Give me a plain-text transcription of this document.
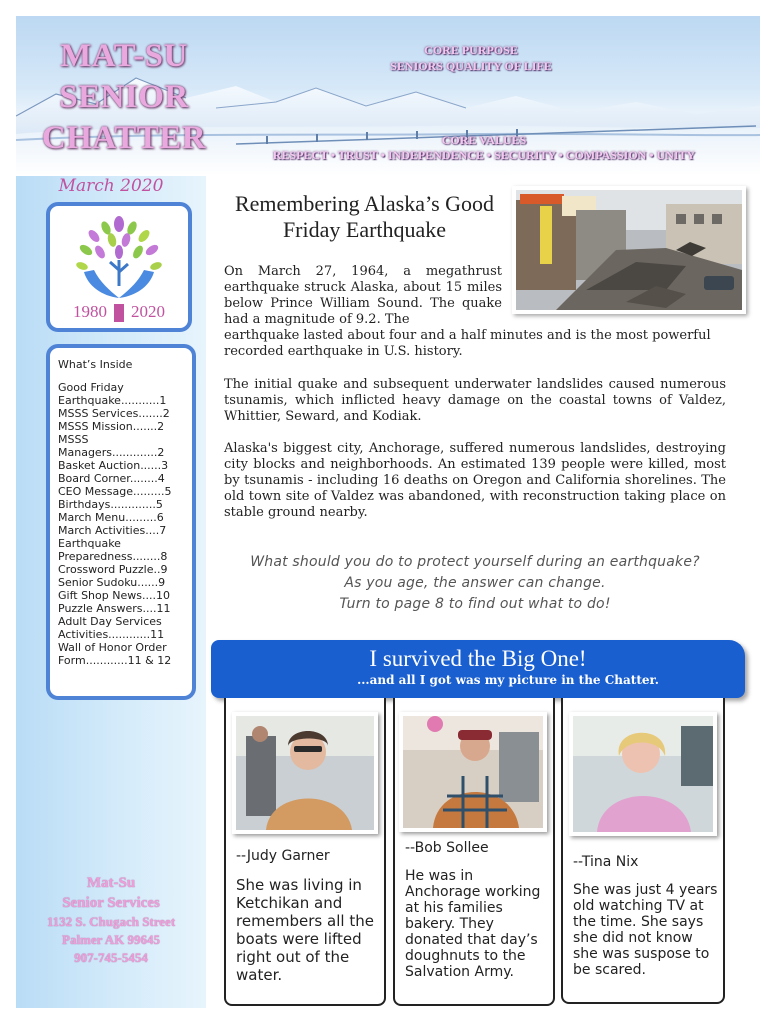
MAT-SU
SENIOR
CHATTER
CORE PURPOSE
SENIORS QUALITY OF LIFE
CORE VALUES
RESPECT • TRUST • INDEPENDENCE • SECURITY • COMPASSION • UNITY
March 2020
1980 2020
What’s Inside
Good Friday Earthquake...........1
MSSS Services.......2
MSSS Mission.......2
MSSS Managers.............2
Basket Auction......3
Board Corner........4
CEO Message.........5
Birthdays.............5
March Menu.........6
March Activities....7
Earthquake Preparedness........8
Crossword Puzzle..9
Senior Sudoku......9
Gift Shop News....10
Puzzle Answers....11
Adult Day Services Activities............11
Wall of Honor Order Form............11 & 12
Mat-Su
Senior Services
1132 S. Chugach Street
Palmer AK 99645
907-745-5454
Remembering Alaska’s Good Friday Earthquake

On March 27, 1964, a megathrust earthquake struck Alaska, about 15 miles below Prince William Sound. The quake had a magnitude of 9.2. The

earthquake lasted about four and a half minutes and is the most powerful recorded earthquake in U.S. history.

The initial quake and subsequent underwater landslides caused numerous tsunamis, which inflicted heavy damage on the coastal towns of Valdez, Whittier, Seward, and Kodiak.

Alaska's biggest city, Anchorage, suffered numerous landslides, destroying city blocks and neighborhoods. An estimated 139 people were killed, most by tsunamis - including 16 deaths on Oregon and California shorelines. The old town site of Valdez was abandoned, with reconstruction taking place on stable ground nearby.

What should you do to protect yourself during an earthquake?
As you age, the answer can change.
Turn to page 8 to find out what to do!
I survived the Big One!
...and all I got was my picture in the Chatter.
--Judy Garner

She was living in Ketchikan and remembers all the boats were lifted right out of the water.

--Bob Sollee

He was in Anchorage working at his families bakery. They donated that day’s doughnuts to the Salvation Army.

--Tina Nix

She was just 4 years old watching TV at the time. She says she did not know she was suspose to be scared.
